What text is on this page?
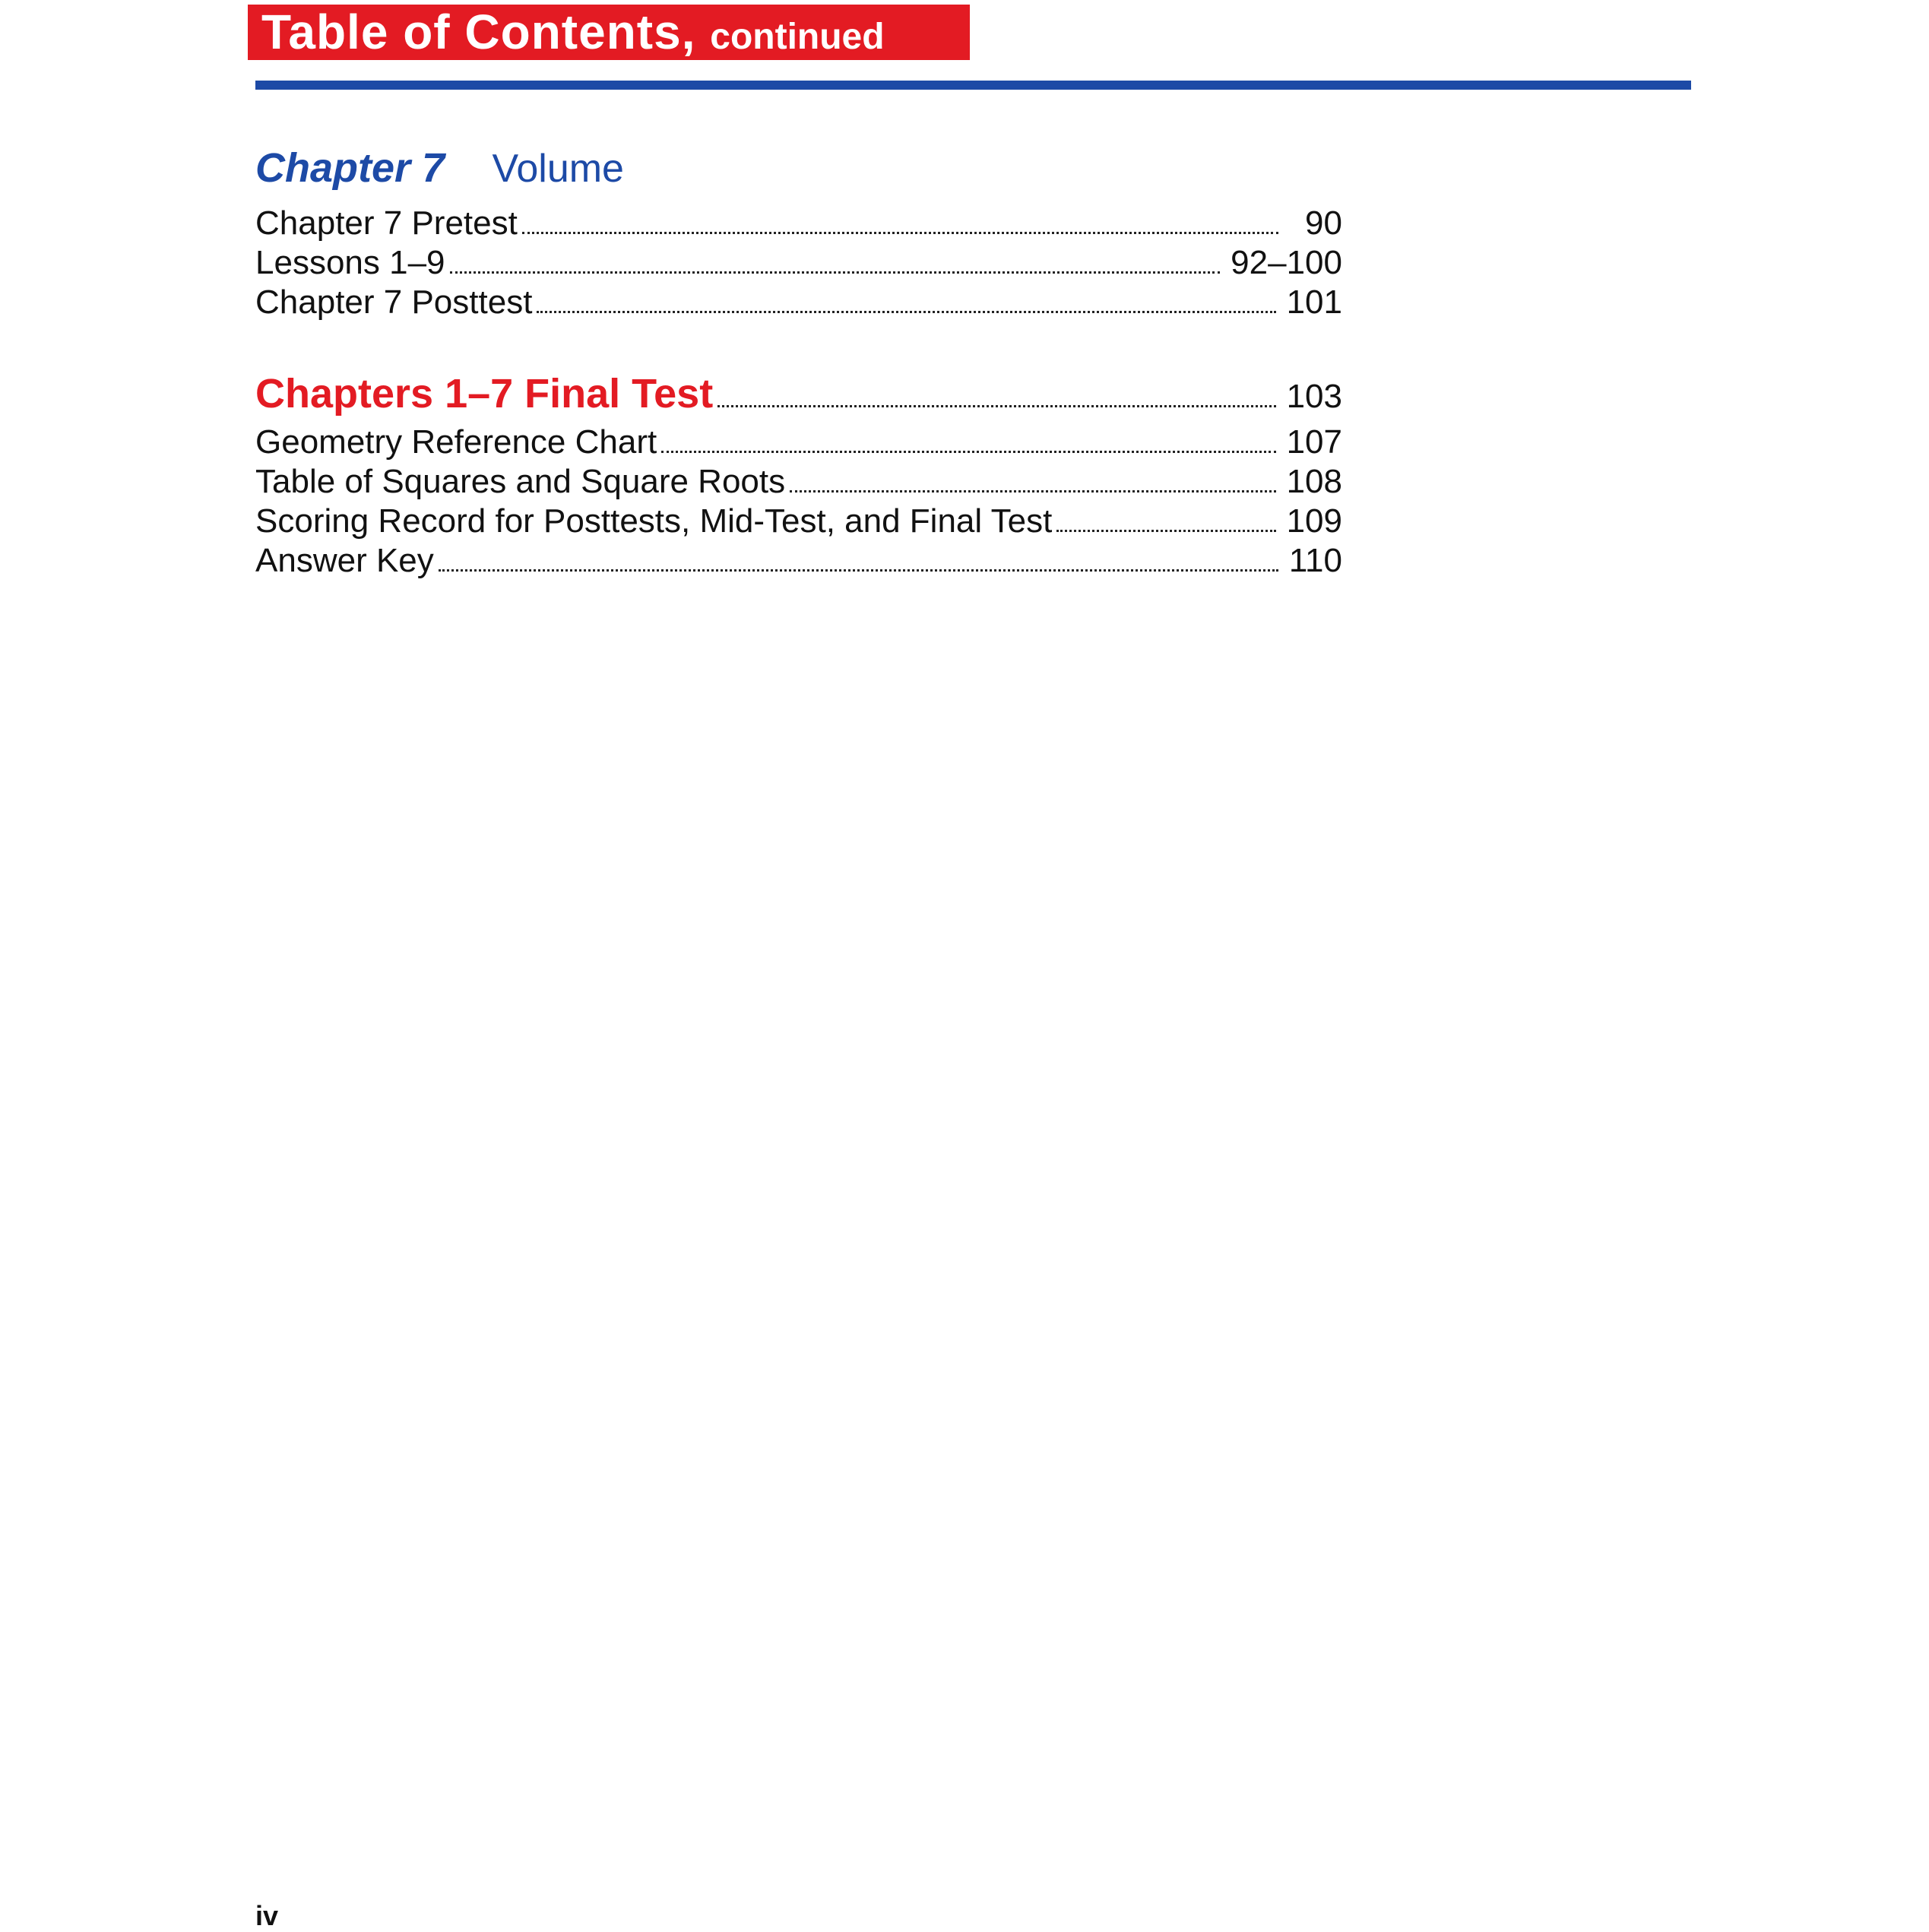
Table of Contents, continued
Chapter 7 Volume
Chapter 7 Pretest	90
Lessons 1–9	92–100
Chapter 7 Posttest	101
Chapters 1–7 Final Test	103
Geometry Reference Chart	107
Table of Squares and Square Roots	108
Scoring Record for Posttests, Mid-Test, and Final Test	109
Answer Key	110
iv
